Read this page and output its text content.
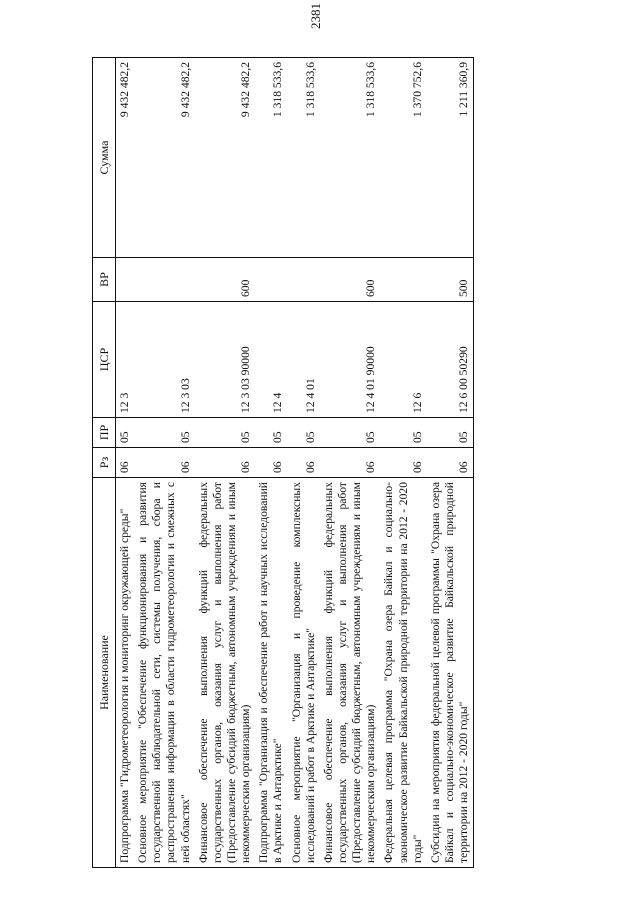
2381
Наименование	Рз	ПР	ЦСР	ВР	Сумма
Подпрограмма "Гидрометеорология и мониторинг окружающей среды"	06	05	12 3		9 432 482,2
Основное мероприятие "Обеспечение функционирования и развития государственной наблюдательной сети, системы получения, сбора и распространения информации в области гидрометеорологии и смежных с ней областях"	06	05	12 3 03		9 432 482,2
Финансовое обеспечение выполнения функций федеральных государственных органов, оказания услуг и выполнения работ (Предоставление субсидий бюджетным, автономным учреждениям и иным некоммерческим организациям)	06	05	12 3 03 90000	600	9 432 482,2
Подпрограмма "Организация и обеспечение работ и научных исследований в Арктике и Антарктике"	06	05	12 4		1 318 533,6
Основное мероприятие "Организация и проведение комплексных исследований и работ в Арктике и Антарктике"	06	05	12 4 01		1 318 533,6
Финансовое обеспечение выполнения функций федеральных государственных органов, оказания услуг и выполнения работ (Предоставление субсидий бюджетным, автономным учреждениям и иным некоммерческим организациям)	06	05	12 4 01 90000	600	1 318 533,6
Федеральная целевая программа "Охрана озера Байкал и социально-экономическое развитие Байкальской природной территории на 2012 - 2020 годы"	06	05	12 6		1 370 752,6
Субсидии на мероприятия федеральной целевой программы "Охрана озера Байкал и социально-экономическое развитие Байкальской природной территории на 2012 - 2020 годы"	06	05	12 6 00 50290	500	1 211 360,9
